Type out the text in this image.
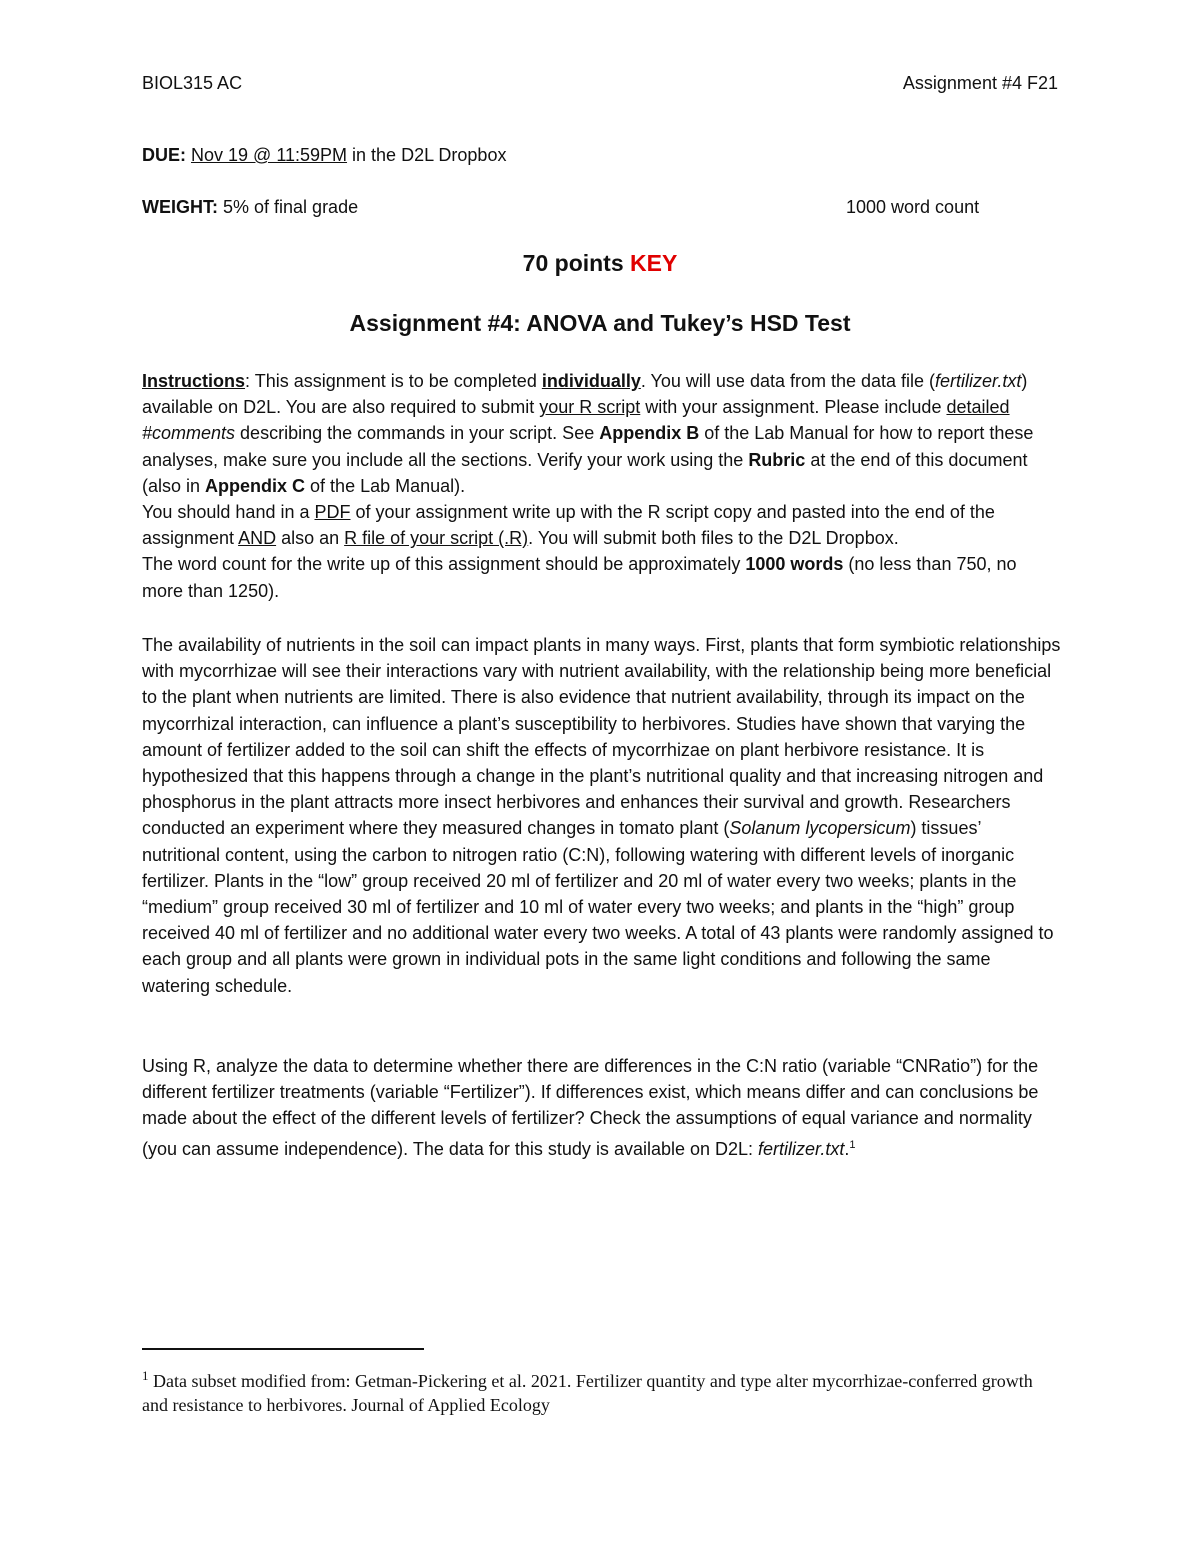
BIOL315 AC	Assignment #4 F21
DUE: Nov 19 @ 11:59PM in the D2L Dropbox
WEIGHT: 5% of final grade	1000 word count
70 points KEY
Assignment #4: ANOVA and Tukey’s HSD Test
Instructions: This assignment is to be completed individually. You will use data from the data file (fertilizer.txt) available on D2L. You are also required to submit your R script with your assignment. Please include detailed #comments describing the commands in your script. See Appendix B of the Lab Manual for how to report these analyses, make sure you include all the sections. Verify your work using the Rubric at the end of this document (also in Appendix C of the Lab Manual).
You should hand in a PDF of your assignment write up with the R script copy and pasted into the end of the assignment AND also an R file of your script (.R). You will submit both files to the D2L Dropbox.
The word count for the write up of this assignment should be approximately 1000 words (no less than 750, no more than 1250).
The availability of nutrients in the soil can impact plants in many ways. First, plants that form symbiotic relationships with mycorrhizae will see their interactions vary with nutrient availability, with the relationship being more beneficial to the plant when nutrients are limited. There is also evidence that nutrient availability, through its impact on the mycorrhizal interaction, can influence a plant’s susceptibility to herbivores. Studies have shown that varying the amount of fertilizer added to the soil can shift the effects of mycorrhizae on plant herbivore resistance. It is hypothesized that this happens through a change in the plant’s nutritional quality and that increasing nitrogen and phosphorus in the plant attracts more insect herbivores and enhances their survival and growth. Researchers conducted an experiment where they measured changes in tomato plant (Solanum lycopersicum) tissues’ nutritional content, using the carbon to nitrogen ratio (C:N), following watering with different levels of inorganic fertilizer. Plants in the “low” group received 20 ml of fertilizer and 20 ml of water every two weeks; plants in the “medium” group received 30 ml of fertilizer and 10 ml of water every two weeks; and plants in the “high” group received 40 ml of fertilizer and no additional water every two weeks. A total of 43 plants were randomly assigned to each group and all plants were grown in individual pots in the same light conditions and following the same watering schedule.
Using R, analyze the data to determine whether there are differences in the C:N ratio (variable “CNRatio”) for the different fertilizer treatments (variable “Fertilizer”). If differences exist, which means differ and can conclusions be made about the effect of the different levels of fertilizer? Check the assumptions of equal variance and normality (you can assume independence). The data for this study is available on D2L: fertilizer.txt.$^1$
$^1$ Data subset modified from: Getman-Pickering et al. 2021. Fertilizer quantity and type alter mycorrhizae-conferred growth and resistance to herbivores. Journal of Applied Ecology
